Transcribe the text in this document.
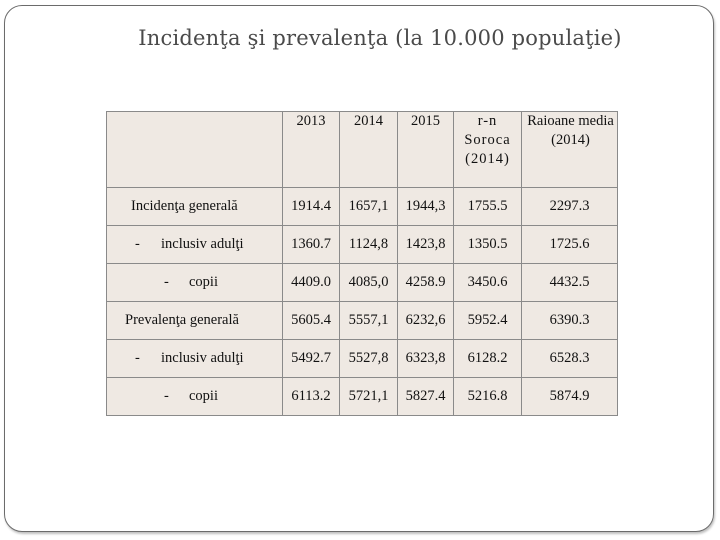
Incidenţa şi prevalenţa (la 10.000 populaţie)
	2013	2014	2015	r-n Soroca (2014)	Raioane media (2014)
Incidenţa generală	1914.4	1657,1	1944,3	1755.5	2297.3
- inclusiv adulţi	1360.7	1124,8	1423,8	1350.5	1725.6
- copii	4409.0	4085,0	4258.9	3450.6	4432.5
Prevalenţa generală	5605.4	5557,1	6232,6	5952.4	6390.3
- inclusiv adulţi	5492.7	5527,8	6323,8	6128.2	6528.3
- copii	6113.2	5721,1	5827.4	5216.8	5874.9
